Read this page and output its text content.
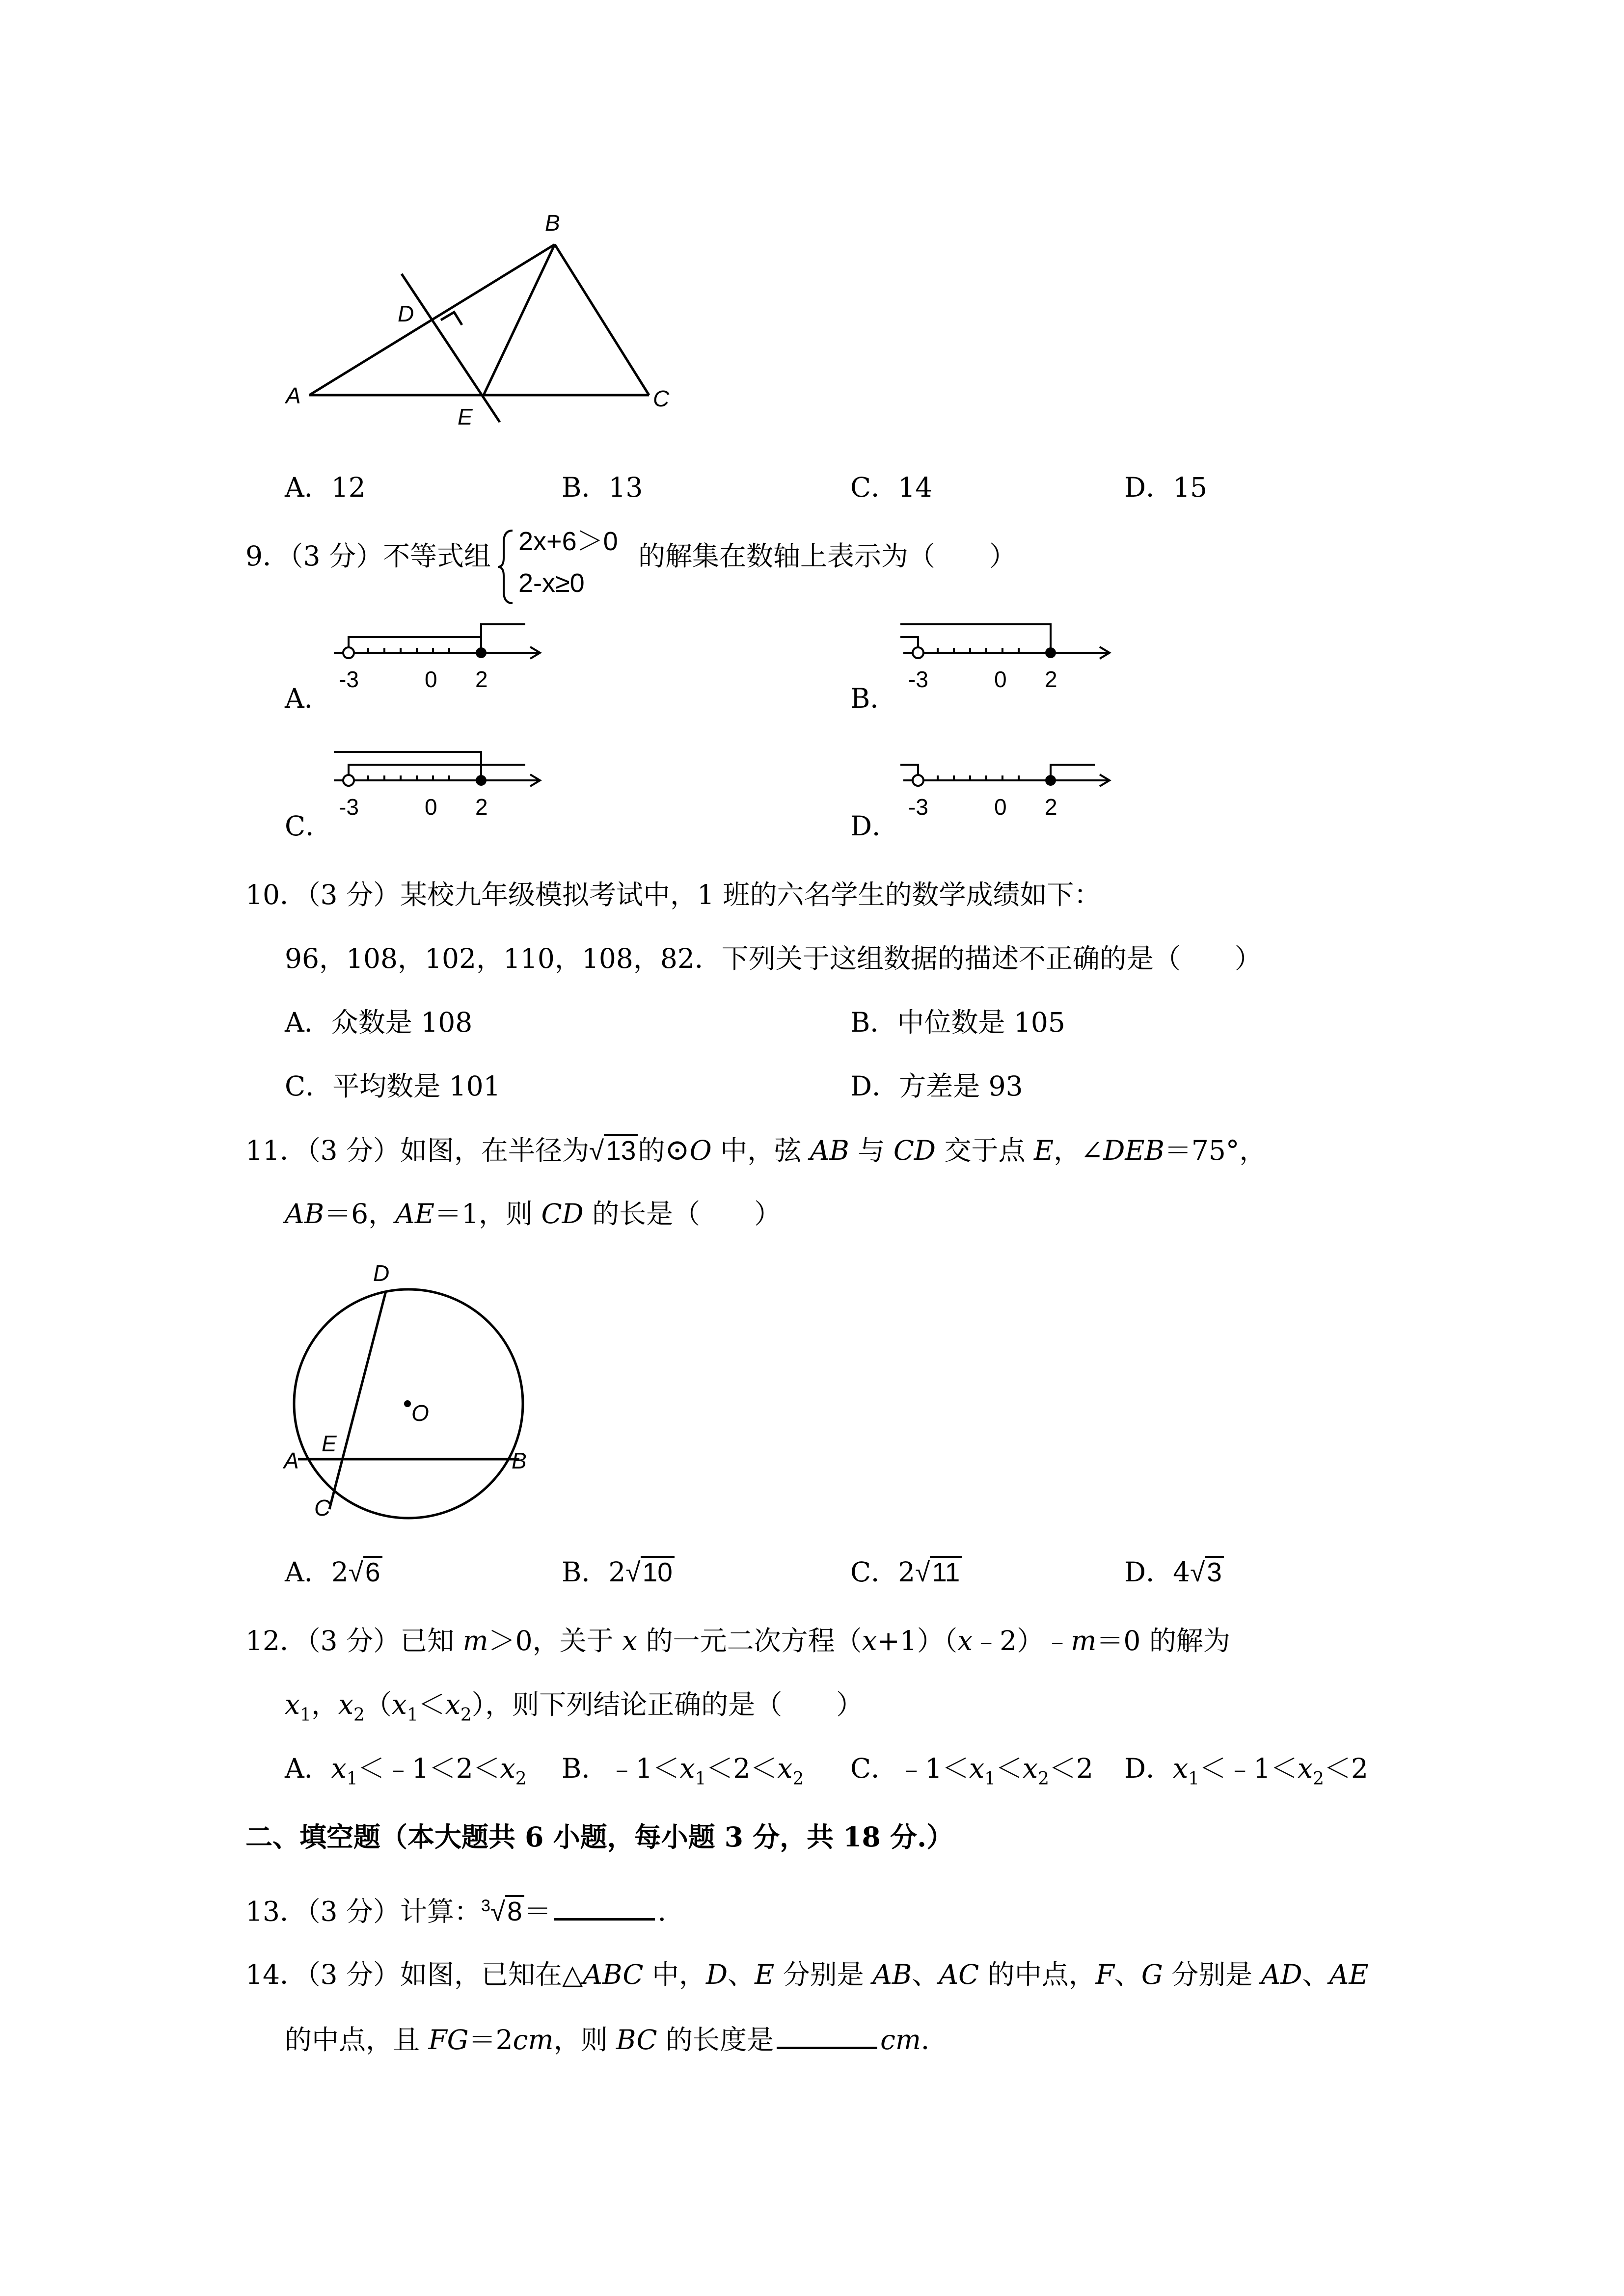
B
D
A
E
C
A．12	B．13	C．14	D．15
9．（3 分）不等式组 2x+6＞0
2-x≥0
的解集在数轴上表示为（　　）
A．
-3	0 2
B．
-3	0 2
C．
-3	0 2
D．
-3	0 2
10．（3 分）某校九年级模拟考试中，1 班的六名学生的数学成绩如下：
96，108，102，110，108，82．下列关于这组数据的描述不正确的是（　　）
A．众数是 108	B．中位数是 105
C．平均数是 101	D．方差是 93
11．（3 分）如图，在半径为√13的⊙O 中，弦 AB 与 CD 交于点 E，∠DEB＝75°，
AB＝6，AE＝1，则 CD 的长是（　　）
D
O
E
A	B
C
A．2√6	B．2√10	C．2√11	D．4√3
12．（3 分）已知 m＞0，关于 x 的一元二次方程（x+1）（x﹣2）﹣m＝0 的解为
$x_1$，$x_2(x_1<x_2)$，则下列结论正确的是（　　）
A．$x_1<﹣1<2<x_2$ B．$﹣1<x_1<2<x_2$ C．$﹣1<x_1<x_2<2$ D．$x_1<﹣1<x_2<2$
二、填空题（本大题共 6 小题，每小题 3 分，共 18 分.）
13．（3 分）计算：$^3$√8＝	．
14．（3 分）如图，已知在△ABC 中，D、E 分别是 AB、AC 的中点，F、G 分别是 AD、AE
的中点，且 FG＝2cm，则 BC 的长度是	cm．
